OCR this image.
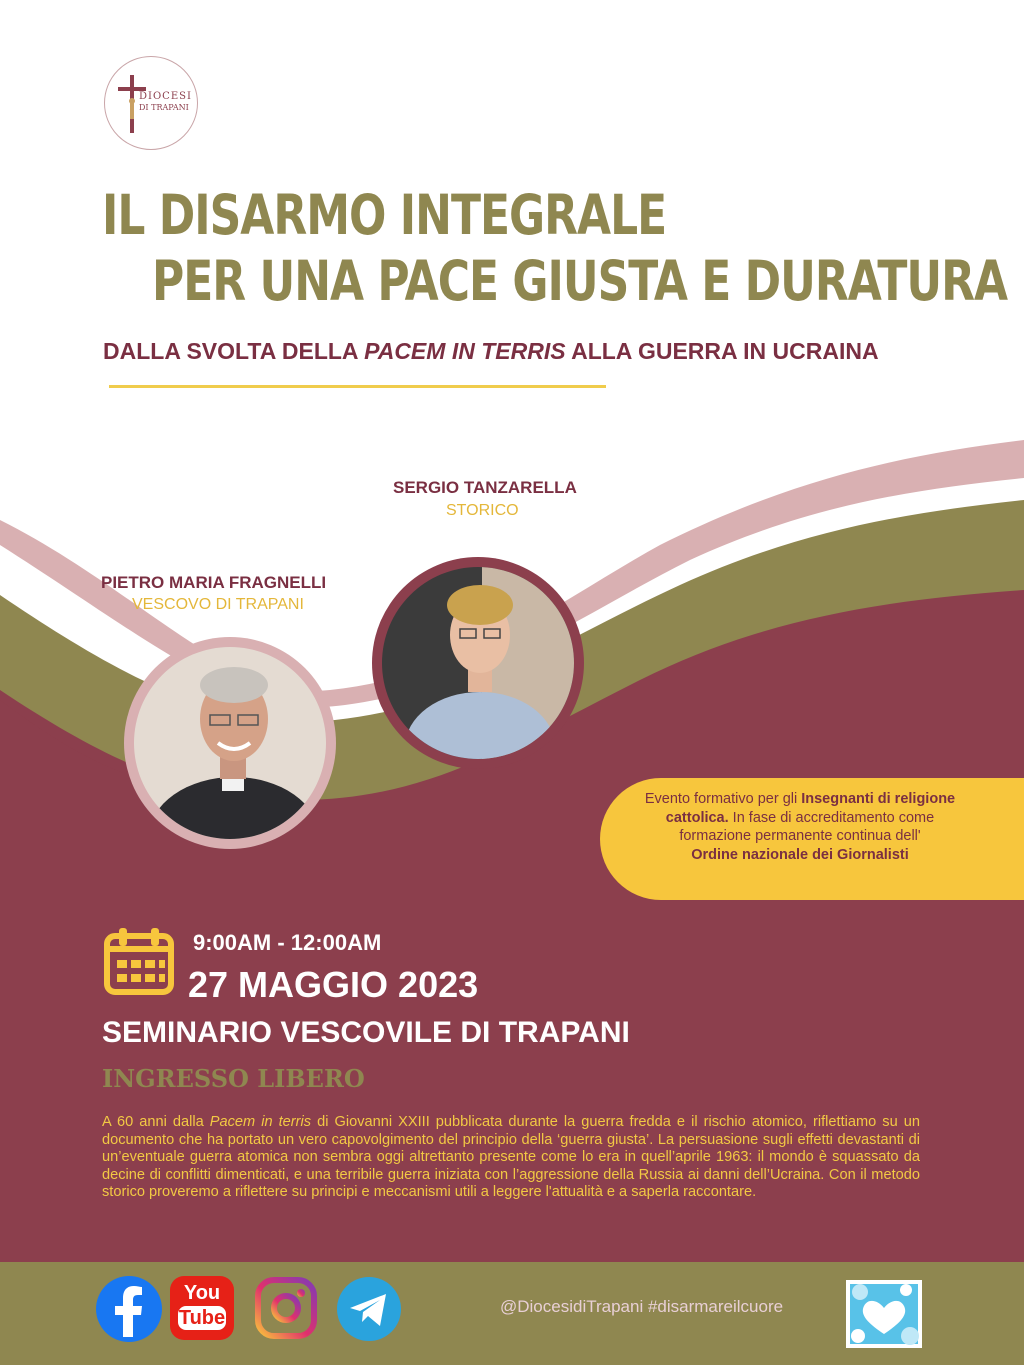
DIOCESI
DI TRAPANI
IL DISARMO INTEGRALE
PER UNA PACE GIUSTA E DURATURA
DALLA SVOLTA DELLA PACEM IN TERRIS ALLA GUERRA IN UCRAINA
SERGIO TANZARELLA
STORICO
PIETRO MARIA FRAGNELLI
VESCOVO DI TRAPANI
Evento formativo per gli Insegnanti di religione cattolica. In fase di accreditamento come formazione permanente continua dell'
Ordine nazionale dei Giornalisti
9:00AM - 12:00AM
27 MAGGIO 2023
SEMINARIO VESCOVILE DI TRAPANI
INGRESSO LIBERO
A 60 anni dalla Pacem in terris di Giovanni XXIII pubblicata durante la guerra fredda e il rischio atomico, riflettiamo su un documento che ha portato un vero capovolgimento del principio della ‘guerra giusta’. La persuasione sugli effetti devastanti di un’eventuale guerra atomica non sembra oggi altrettanto presente come lo era in quell’aprile 1963: il mondo è squassato da decine di conflitti dimenticati, e una terribile guerra iniziata con l’aggressione della Russia ai danni dell’Ucraina. Con il metodo storico proveremo a riflettere su principi e meccanismi utili a leggere l'attualità e a saperla raccontare.
You
Tube
@DiocesidiTrapani #disarmareilcuore
